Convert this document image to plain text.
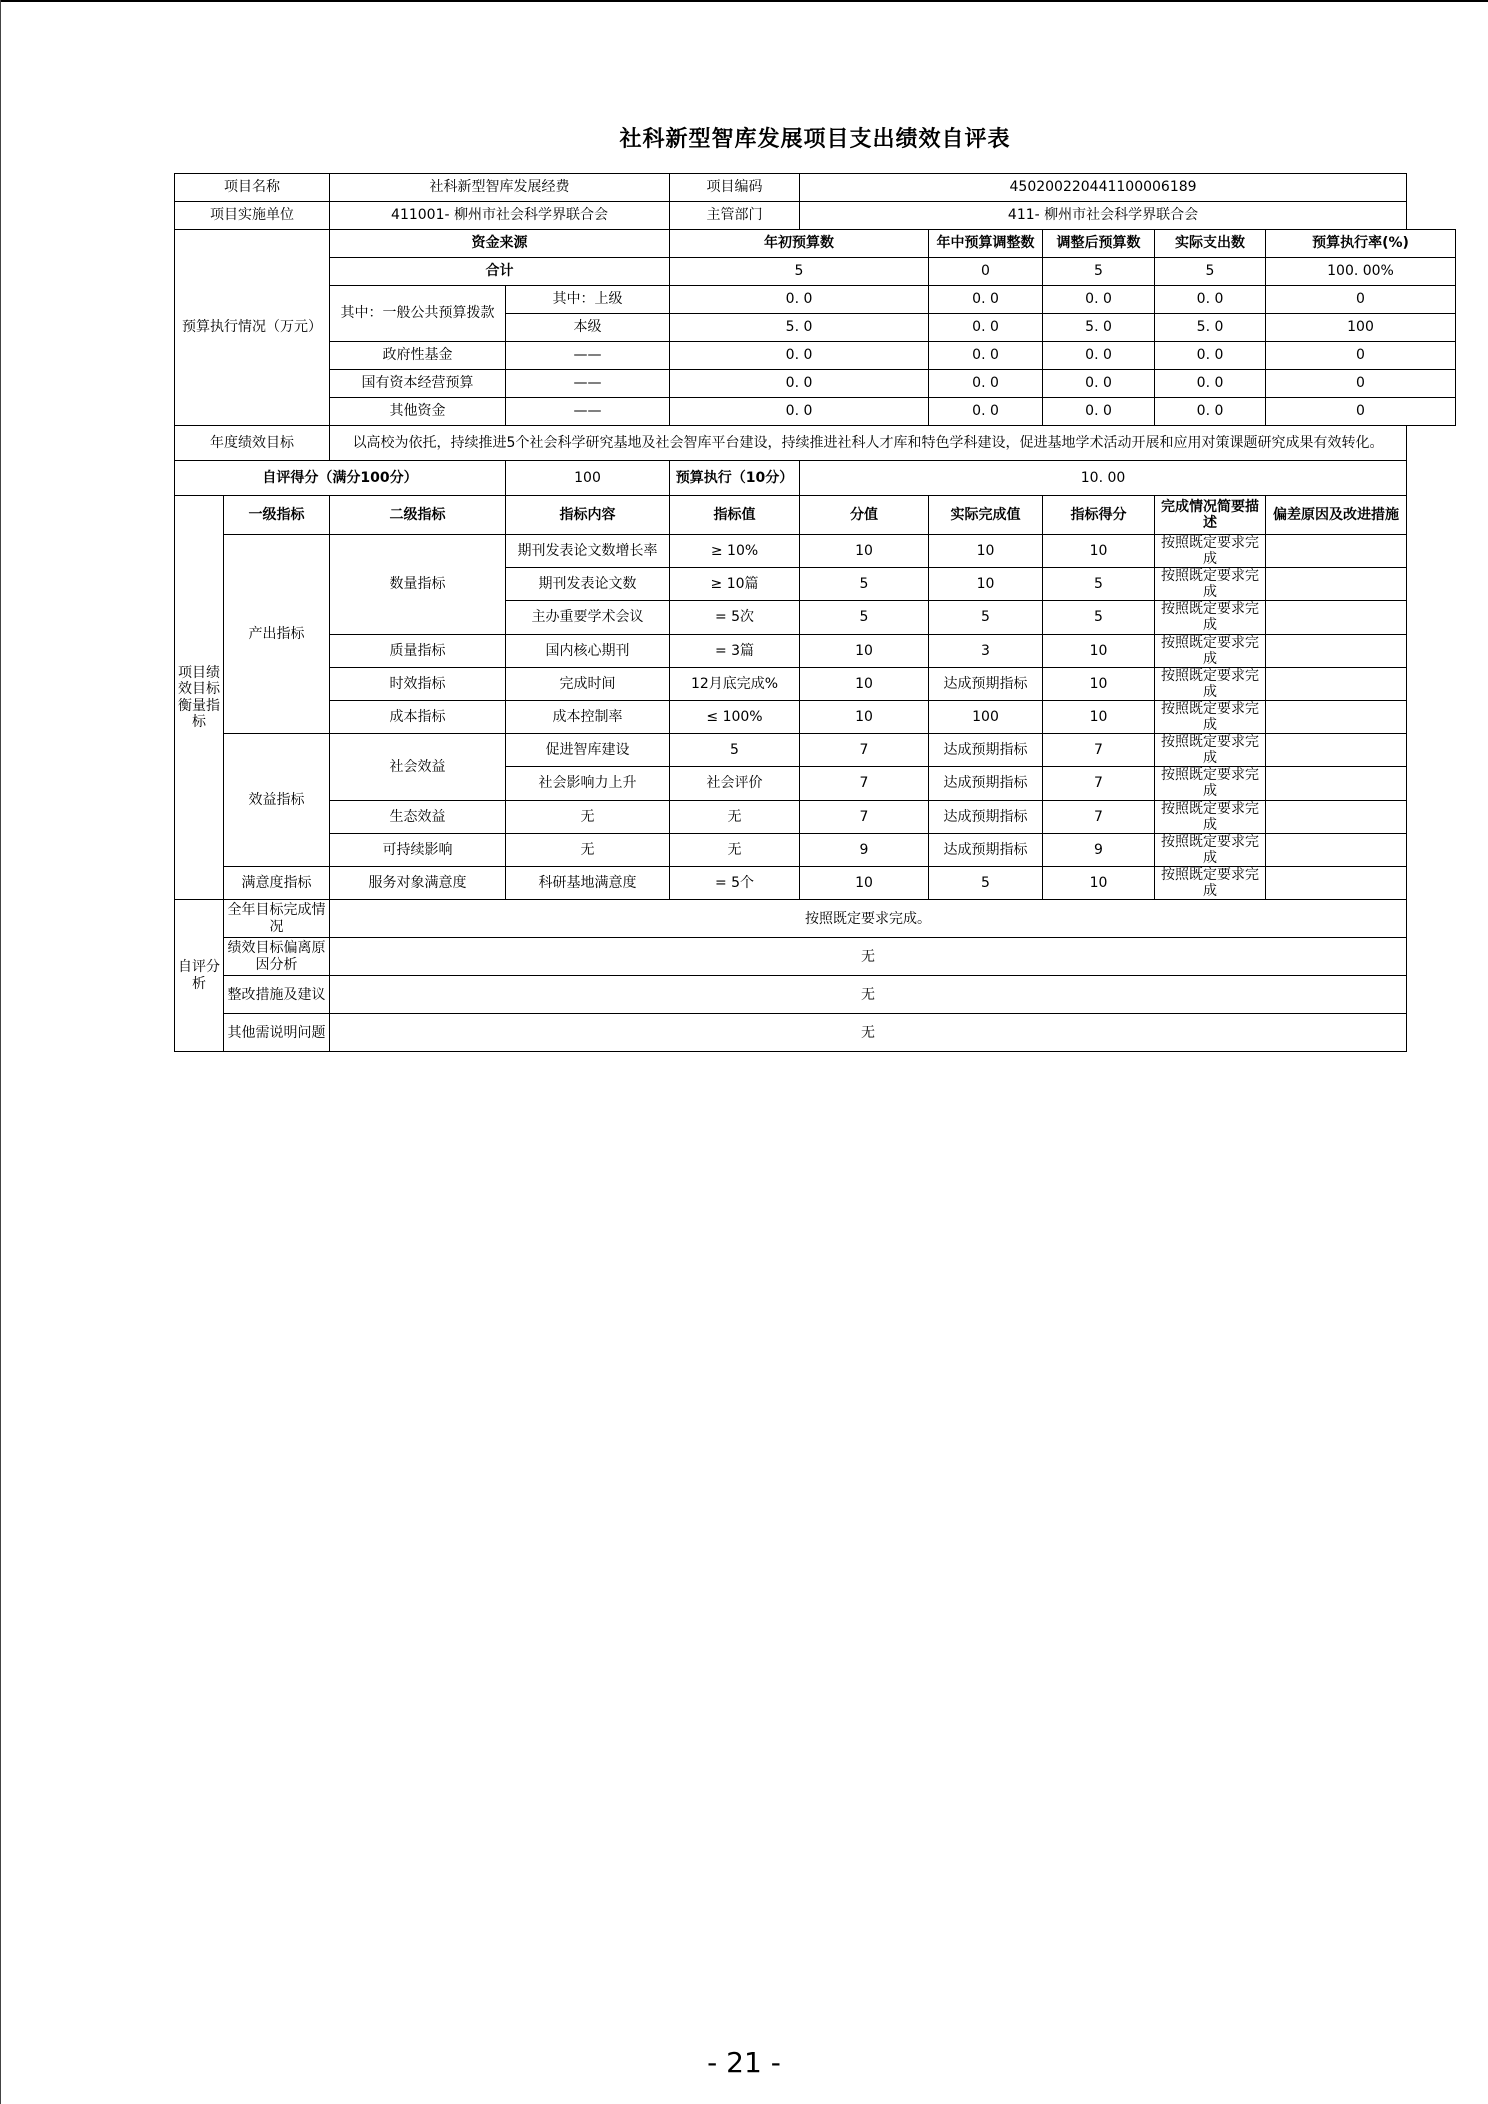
社科新型智库发展项目支出绩效自评表
项目名称		社科新型智库发展经费		项目编码	450200220441100006189				
项目实施单位		411001- 柳州市社会科学界联合会		主管部门	411- 柳州市社会科学界联合会				
预算执行情况（万元）		资金来源		年初预算数		年中预算调整数	调整后预算数	实际支出数	预算执行率(%)
		合计		5		0	5	5	100. 00%
		其中：一般公共预算拨款	其中：上级	0. 0		0. 0	0. 0	0. 0	0
			本级	5. 0		0. 0	5. 0	5. 0	100
		政府性基金	——	0. 0		0. 0	0. 0	0. 0	0
		国有资本经营预算	——	0. 0		0. 0	0. 0	0. 0	0
		其他资金	——	0. 0		0. 0	0. 0	0. 0	0
年度绩效目标		以高校为依托，持续推进5个社会科学研究基地及社会智库平台建设，持续推进社科人才库和特色学科建设，促进基地学术活动开展和应用对策课题研究成果有效转化。							
自评得分（满分100分）			100	预算执行（10分）	10. 00				
项目绩效目标衡量指标	一级指标	二级指标	指标内容	指标值	分值	实际完成值	指标得分	完成情况简要描述	偏差原因及改进措施
	产出指标	数量指标	期刊发表论文数增长率	≥ 10%	10	10	10	按照既定要求完成	
			期刊发表论文数	≥ 10篇	5	10	5	按照既定要求完成	
			主办重要学术会议	= 5次	5	5	5	按照既定要求完成	
		质量指标	国内核心期刊	= 3篇	10	3	10	按照既定要求完成	
		时效指标	完成时间	12月底完成%	10	达成预期指标	10	按照既定要求完成	
		成本指标	成本控制率	≤ 100%	10	100	10	按照既定要求完成	
	效益指标	社会效益	促进智库建设	5	7	达成预期指标	7	按照既定要求完成	
			社会影响力上升	社会评价	7	达成预期指标	7	按照既定要求完成	
		生态效益	无	无	7	达成预期指标	7	按照既定要求完成	
		可持续影响	无	无	9	达成预期指标	9	按照既定要求完成	
	满意度指标	服务对象满意度	科研基地满意度	= 5个	10	5	10	按照既定要求完成	
自评分析	全年目标完成情况	按照既定要求完成。							
	绩效目标偏离原因分析	无							
	整改措施及建议	无							
	其他需说明问题	无							
- 21 -
